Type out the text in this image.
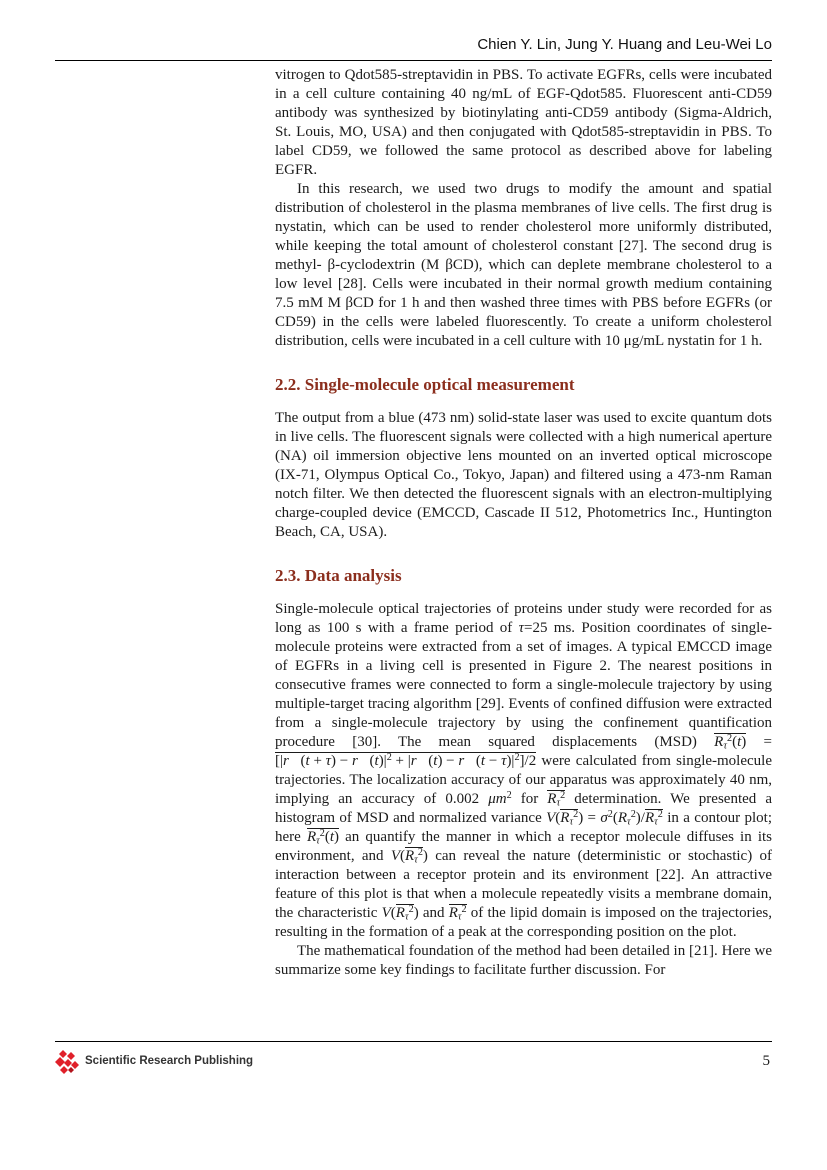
Chien Y. Lin, Jung Y. Huang and Leu-Wei Lo

vitrogen to Qdot585-streptavidin in PBS. To activate EGFRs, cells were incubated in a cell culture containing 40 ng/mL of EGF-Qdot585. Fluorescent anti-CD59 antibody was synthesized by biotinylating anti-CD59 antibody (Sigma-Aldrich, St. Louis, MO, USA) and then conjugated with Qdot585-streptavidin in PBS. To label CD59, we followed the same protocol as described above for labeling EGFR.

In this research, we used two drugs to modify the amount and spatial distribution of cholesterol in the plasma membranes of live cells. The first drug is nystatin, which can be used to render cholesterol more uniformly distributed, while keeping the total amount of cholesterol constant [27]. The second drug is methyl- β-cyclodextrin (M βCD), which can deplete membrane cholesterol to a low level [28]. Cells were incubated in their normal growth medium containing 7.5 mM M βCD for 1 h and then washed three times with PBS before EGFRs (or CD59) in the cells were labeled fluorescently. To create a uniform cholesterol distribution, cells were incubated in a cell culture with 10 μg/mL nystatin for 1 h.

2.2. Single-molecule optical measurement

The output from a blue (473 nm) solid-state laser was used to excite quantum dots in live cells. The fluorescent signals were collected with a high numerical aperture (NA) oil immersion objective lens mounted on an inverted optical microscope (IX-71, Olympus Optical Co., Tokyo, Japan) and filtered using a 473-nm Raman notch filter. We then detected the fluorescent signals with an electron-multiplying charge-coupled device (EMCCD, Cascade II 512, Photometrics Inc., Huntington Beach, CA, USA).

2.3. Data analysis

Single-molecule optical trajectories of proteins under study were recorded for as long as 100 s with a frame period of τ=25 ms. Position coordinates of single-molecule proteins were extracted from a set of images. A typical EMCCD image of EGFRs in a living cell is presented in Figure 2. The nearest positions in consecutive frames were connected to form a single-molecule trajectory by using multiple-target tracing algorithm [29]. Events of confined diffusion were extracted from a single-molecule trajectory by using the confinement quantification procedure [30]. The mean squared displacements (MSD) $R_\tau^2(t)$ = [|r⃗(t + $\tau) - r⃗(t)|^2$ + |r⃗(t) − r⃗(t − $\tau)|^2]/2$ were calculated from single-molecule trajectories. The localization accuracy of our apparatus was approximately 40 nm, implying an accuracy of 0.002 $\mu m^2$ for $R_\tau^2$ determination. We presented a histogram of MSD and normalized variance $V(R_\tau^2) = \sigma^2(R_\tau^2)/R_\tau^2$ in a contour plot; here $R_\tau^2(t)$ an quantify the manner in which a receptor molecule diffuses in its environment, and $V(R_\tau^2)$ can reveal the nature (deterministic or stochastic) of interaction between a receptor protein and its environment [22]. An attractive feature of this plot is that when a molecule repeatedly visits a membrane domain, the characteristic $V(R_\tau^2)$ and $R_\tau^2$ of the lipid domain is imposed on the trajectories, resulting in the formation of a peak at the corresponding position on the plot.

The mathematical foundation of the method had been detailed in [21]. Here we summarize some key findings to facilitate further discussion. For

Scientific Research Publishing	5
